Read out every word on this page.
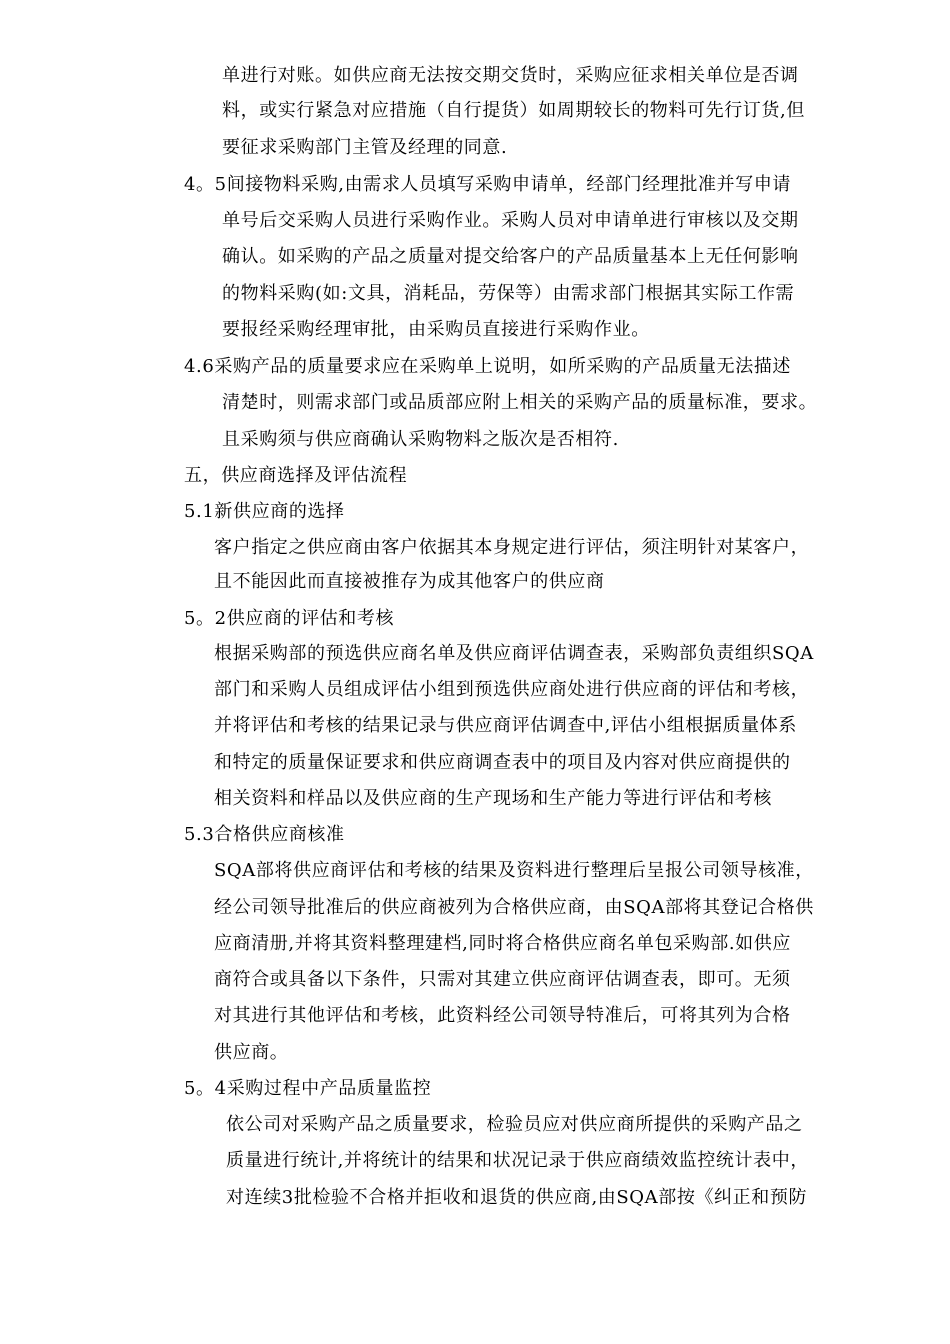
单进行对账。如供应商无法按交期交货时，采购应征求相关单位是否调
料，或实行紧急对应措施（自行提货）如周期较长的物料可先行订货,但
要征求采购部门主管及经理的同意.
4。5间接物料采购,由需求人员填写采购申请单，经部门经理批准并写申请
单号后交采购人员进行采购作业。采购人员对申请单进行审核以及交期
确认。如采购的产品之质量对提交给客户的产品质量基本上无任何影响
的物料采购(如:文具，消耗品，劳保等）由需求部门根据其实际工作需
要报经采购经理审批，由采购员直接进行采购作业。
4.6采购产品的质量要求应在采购单上说明，如所采购的产品质量无法描述
清楚时，则需求部门或品质部应附上相关的采购产品的质量标准，要求。
且采购须与供应商确认采购物料之版次是否相符.
五，供应商选择及评估流程
5.1新供应商的选择
客户指定之供应商由客户依据其本身规定进行评估，须注明针对某客户，
且不能因此而直接被推存为成其他客户的供应商
5。2供应商的评估和考核
根据采购部的预选供应商名单及供应商评估调查表，采购部负责组织SQA
部门和采购人员组成评估小组到预选供应商处进行供应商的评估和考核，
并将评估和考核的结果记录与供应商评估调查中,评估小组根据质量体系
和特定的质量保证要求和供应商调查表中的项目及内容对供应商提供的
相关资料和样品以及供应商的生产现场和生产能力等进行评估和考核
5.3合格供应商核准
SQA部将供应商评估和考核的结果及资料进行整理后呈报公司领导核准，
经公司领导批准后的供应商被列为合格供应商，由SQA部将其登记合格供
应商清册,并将其资料整理建档,同时将合格供应商名单包采购部.如供应
商符合或具备以下条件，只需对其建立供应商评估调查表，即可。无须
对其进行其他评估和考核，此资料经公司领导特准后，可将其列为合格
供应商。
5。4采购过程中产品质量监控
依公司对采购产品之质量要求，检验员应对供应商所提供的采购产品之
质量进行统计,并将统计的结果和状况记录于供应商绩效监控统计表中，
对连续3批检验不合格并拒收和退货的供应商,由SQA部按《纠正和预防
